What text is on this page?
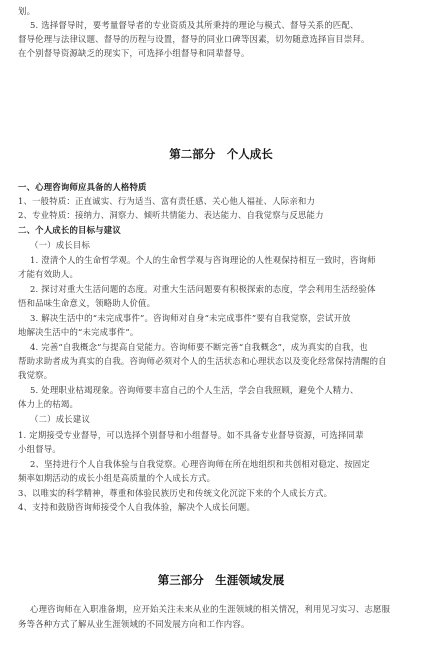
划。
5. 选择督导时，要考量督导者的专业资质及其所秉持的理论与模式、督导关系的匹配、
督导伦理与法律议题、督导的历程与设置，督导的同业口碑等因素，切勿随意选择盲目崇拜。
在个别督导资源缺乏的现实下，可选择小组督导和同辈督导。
第二部分　个人成长
一、心理咨询师应具备的人格特质
1、一般特质：正直诚实、行为适当、富有责任感、关心他人福祉、人际亲和力
2、专业特质：接纳力、洞察力、倾听共情能力、表达能力、自我觉察与反思能力
二、个人成长的目标与建议
（一）成长目标
1. 澄清个人的生命哲学观。个人的生命哲学观与咨询理论的人性观保持相互一致时，咨询师
才能有效助人。
2. 探讨对重大生活问题的态度。对重大生活问题要有积极探索的态度，学会利用生活经验体
悟和品味生命意义，领略助人价值。
3. 解决生活中的“未完成事件”。咨询师对自身“未完成事件”要有自我觉察，尝试开放
地解决生活中的“未完成事件”。
4. 完善“自我概念”与提高自觉能力。咨询师要不断完善“自我概念”，成为真实的自我，也
帮助求助者成为真实的自我。咨询师必须对个人的生活状态和心理状态以及变化经常保持清醒的自
我觉察。
5. 处理职业枯竭现象。咨询师要丰富自己的个人生活，学会自我照顾，避免个人精力、
体力上的枯竭。
（二）成长建议
1. 定期接受专业督导，可以选择个别督导和小组督导。如不具备专业督导资源，可选择同辈
小组督导。
2、坚持进行个人自我体验与自我觉察。心理咨询师在所在地组织和共创相对稳定、按固定
频率如期活动的成长小组是高质量的个人成长方式。
3、以唯实的科学精神，尊重和体验民族历史和传统文化沉淀下来的个人成长方式。
4、支持和鼓励咨询师接受个人自我体验，解决个人成长问题。
第三部分　生涯领域发展
心理咨询师在入职准备期，应开始关注未来从业的生涯领域的相关情况，利用见习实习、志愿服
务等各种方式了解从业生涯领域的不同发展方向和工作内容。
